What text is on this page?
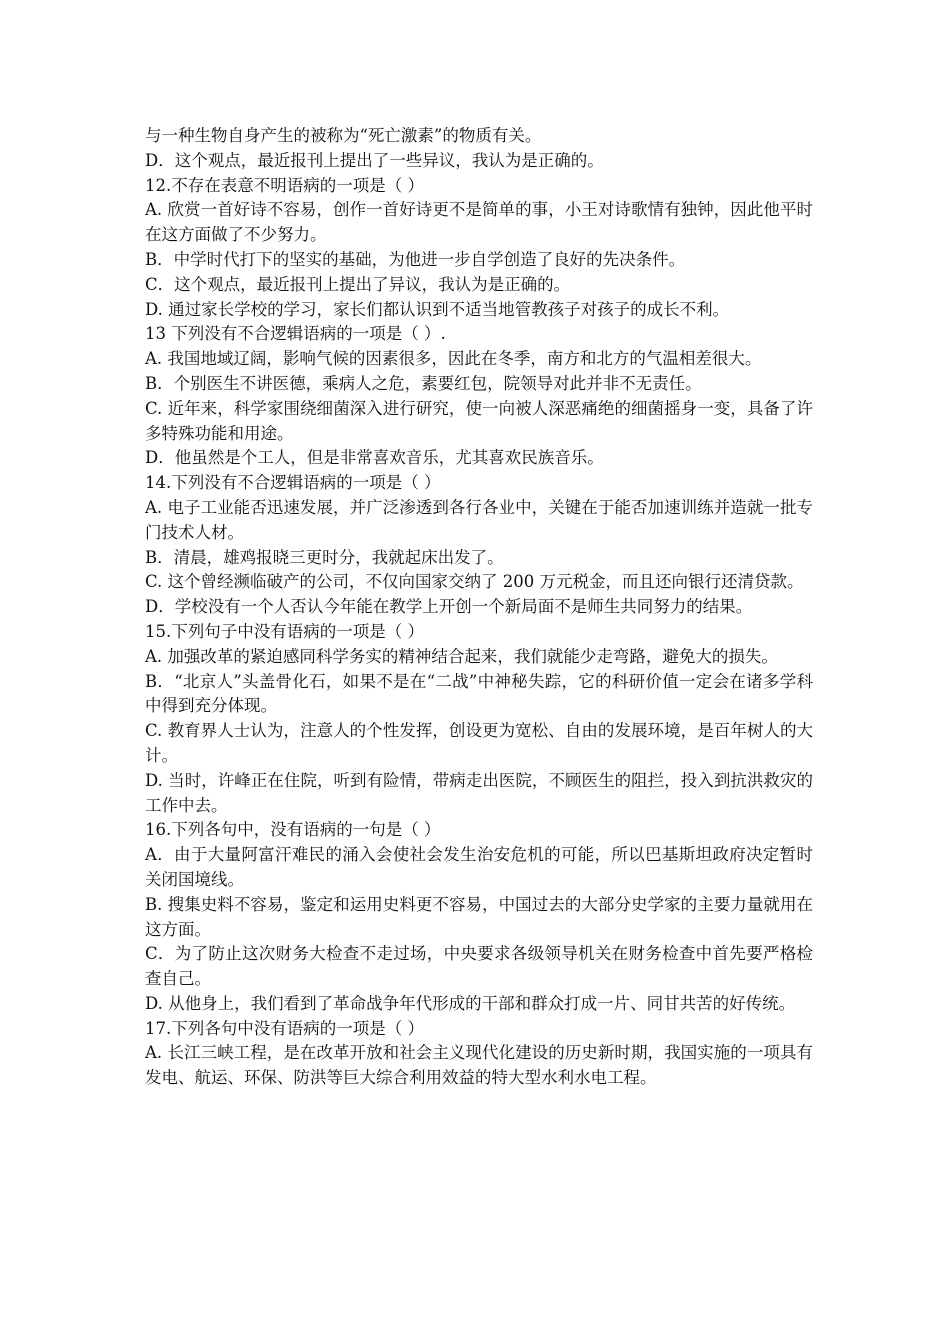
与一种生物自身产生的被称为“死亡激素”的物质有关。

D．这个观点，最近报刊上提出了一些异议，我认为是正确的。

12.不存在表意不明语病的一项是（ ）

A. 欣赏一首好诗不容易，创作一首好诗更不是简单的事，小王对诗歌情有独钟，因此他平时在这方面做了不少努力。

B．中学时代打下的坚实的基础，为他进一步自学创造了良好的先决条件。

C．这个观点，最近报刊上提出了异议，我认为是正确的。

D. 通过家长学校的学习，家长们都认识到不适当地管教孩子对孩子的成长不利。

13 下列没有不合逻辑语病的一项是（ ）.

A. 我国地域辽阔，影响气候的因素很多，因此在冬季，南方和北方的气温相差很大。

B．个别医生不讲医德，乘病人之危，素要红包，院领导对此并非不无责任。

C. 近年来，科学家围绕细菌深入进行研究，使一向被人深恶痛绝的细菌摇身一变，具备了许多特殊功能和用途。

D．他虽然是个工人，但是非常喜欢音乐，尤其喜欢民族音乐。

14.下列没有不合逻辑语病的一项是（ ）

A. 电子工业能否迅速发展，并广泛渗透到各行各业中，关键在于能否加速训练并造就一批专门技术人材。

B．清晨，雄鸡报晓三更时分，我就起床出发了。

C. 这个曾经濒临破产的公司，不仅向国家交纳了 200 万元税金，而且还向银行还清贷款。

D．学校没有一个人否认今年能在教学上开创一个新局面不是师生共同努力的结果。

15.下列句子中没有语病的一项是（ ）

A. 加强改革的紧迫感同科学务实的精神结合起来，我们就能少走弯路，避免大的损失。

B．“北京人”头盖骨化石，如果不是在“二战”中神秘失踪，它的科研价值一定会在诸多学科中得到充分体现。

C. 教育界人士认为，注意人的个性发挥，创设更为宽松、自由的发展环境，是百年树人的大计。

D. 当时，许峰正在住院，听到有险情，带病走出医院，不顾医生的阻拦，投入到抗洪救灾的工作中去。

16.下列各句中，没有语病的一句是（ ）

A．由于大量阿富汗难民的涌入会使社会发生治安危机的可能，所以巴基斯坦政府决定暂时关闭国境线。

B. 搜集史料不容易，鉴定和运用史料更不容易，中国过去的大部分史学家的主要力量就用在这方面。

C．为了防止这次财务大检查不走过场，中央要求各级领导机关在财务检查中首先要严格检查自己。

D. 从他身上，我们看到了革命战争年代形成的干部和群众打成一片、同甘共苦的好传统。

17.下列各句中没有语病的一项是（ ）

A. 长江三峡工程，是在改革开放和社会主义现代化建设的历史新时期，我国实施的一项具有发电、航运、环保、防洪等巨大综合利用效益的特大型水利水电工程。
